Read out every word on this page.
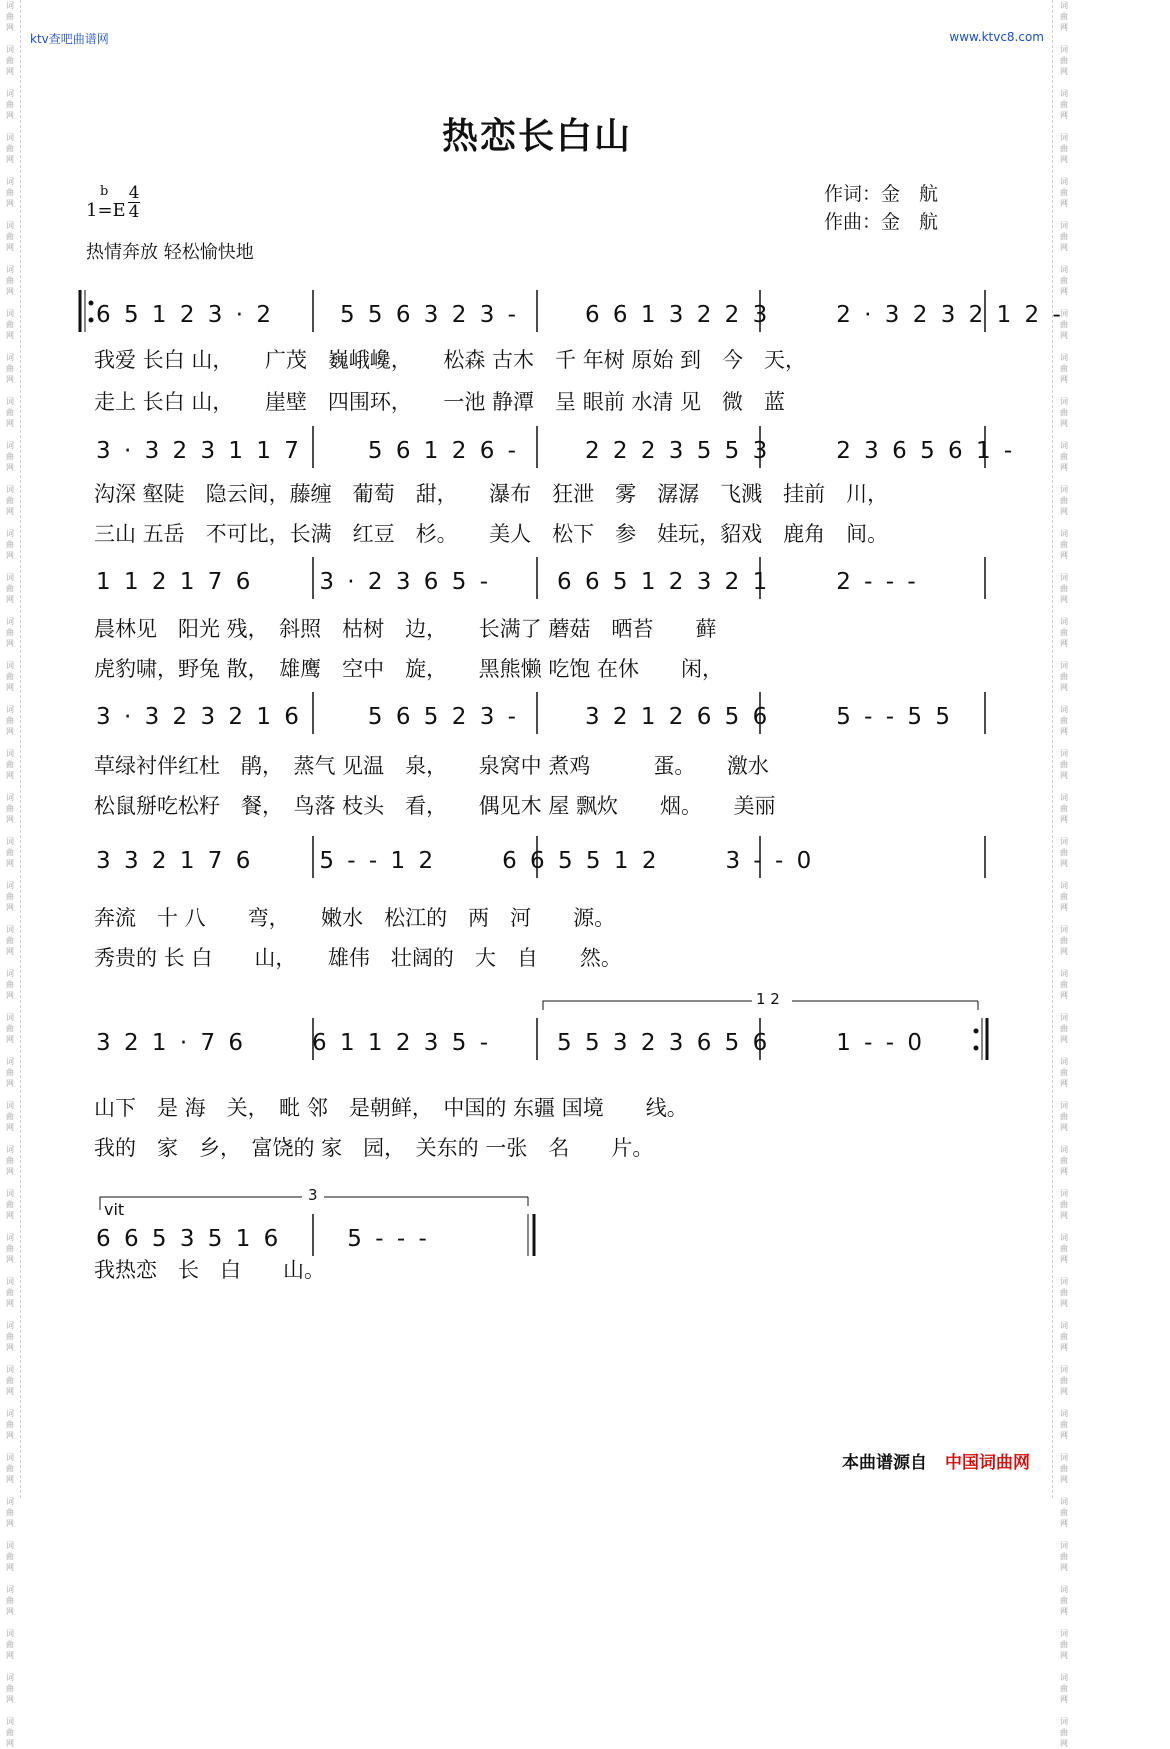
词
曲
网

词
曲
网

词
曲
网

词
曲
网

词
曲
网

词
曲
网

词
曲
网

词
曲
网

词
曲
网

词
曲
网

词
曲
网

词
曲
网

词
曲
网

词
曲
网

词
曲
网

词
曲
网

词
曲
网

词
曲
网

词
曲
网

词
曲
网

词
曲
网

词
曲
网

词
曲
网

词
曲
网

词
曲
网

词
曲
网

词
曲
网

词
曲
网

词
曲
网

词
曲
网

词
曲
网

词
曲
网

词
曲
网

词
曲
网

词
曲
网

词
曲
网

词
曲
网

词
曲
网

词
曲
网

词
曲
网

词
曲
网

词
曲
网

词
曲
网

词
曲
网

词
曲
网

词
曲
网

词
曲
网

词
曲
网

词
曲
网

词
曲
网

词
曲
网

词
曲
网

词
曲
网

词
曲
网

词
曲
网

词
曲
网

词
曲
网

词
曲
网

词
曲
网

词
曲
网

词
曲
网

词
曲
网

词
曲
网

词
曲
网

词
曲
网

词
曲
网

词
曲
网

词
曲
网

词
曲
网

词
曲
网

词
曲
网

词
曲
网

词
曲
网

词
曲
网

词
曲
网

词
曲
网

词
曲
网

词
曲
网

词
曲
网

词
曲
网

ktv查吧曲谱网	www.ktvc8.com
热恋长白山
1=E
b 4
4
热情奔放 轻松愉快地
作词：金　航
作曲：金　航
6 5 1 2 3 · 2　　　5 5 6 3 2 3 -　　　6 6 1 3 2 2 3　　　2 · 3 2 3 2 1 2 -
我爱 长白 山，　　广茂　巍峨巉，　　松森 古木　千 年树 原始 到　今　天，
走上 长白 山，　　崖壁　四围环，　　一池 静潭　呈 眼前 水清 见　微　蓝
3 · 3 2 3 1 1 7　　　5 6 1 2 6 -　　　2 2 2 3 5 5 3　　　2 3 6 5 6 1 -
沟深 壑陡　隐云间，藤缠　葡萄　甜，　　瀑布　狂泄　雾　潺潺　飞溅　挂前　川，
三山 五岳　不可比，长满　红豆　杉。　　美人　松下　参　娃玩，貂戏　鹿角　间。
1 1 2 1 7 6　　　3 · 2 3 6 5 -　　　6 6 5 1 2 3 2 1　　　2 - - -
晨林见　阳光 残，　斜照　枯树　边，　　长满了 蘑菇　晒苔　　藓
虎豹啸，野兔 散，　雄鹰　空中　旋，　　黑熊懒 吃饱 在休　　闲，
3 · 3 2 3 2 1 6　　　5 6 5 2 3 -　　　3 2 1 2 6 5 6　　　5 - - 5 5
草绿衬伴红杜　鹃，　蒸气 见温　泉，　　泉窝中 煮鸡　　　蛋。　　激水
松鼠掰吃松籽　餐，　鸟落 枝头　看，　　偶见木 屋 飘炊　　烟。　　美丽
3 3 2 1 7 6　　　5 - - 1 2　　　6 6 5 5 1 2　　　3 - - 0
奔流　十 八　　弯，　　嫩水　松江的　两　河　　源。
秀贵的 长 白　　山，　　雄伟　壮阔的　大　自　　然。
1 2
3 2 1 · 7 6　　　6 1 1 2 3 5 -　　　5 5 3 2 3 6 5 6　　　1 - - 0
山下　是 海　关，　毗 邻　是朝鲜，　中国的 东疆 国境　　线。
我的　家　乡，　富饶的 家　园，　关东的 一张　名　　片。
3
vit
6 6 5 3 5 1 6　　　5 - - -
我热恋　长　白　　山。
本曲谱源自 中国词曲网
